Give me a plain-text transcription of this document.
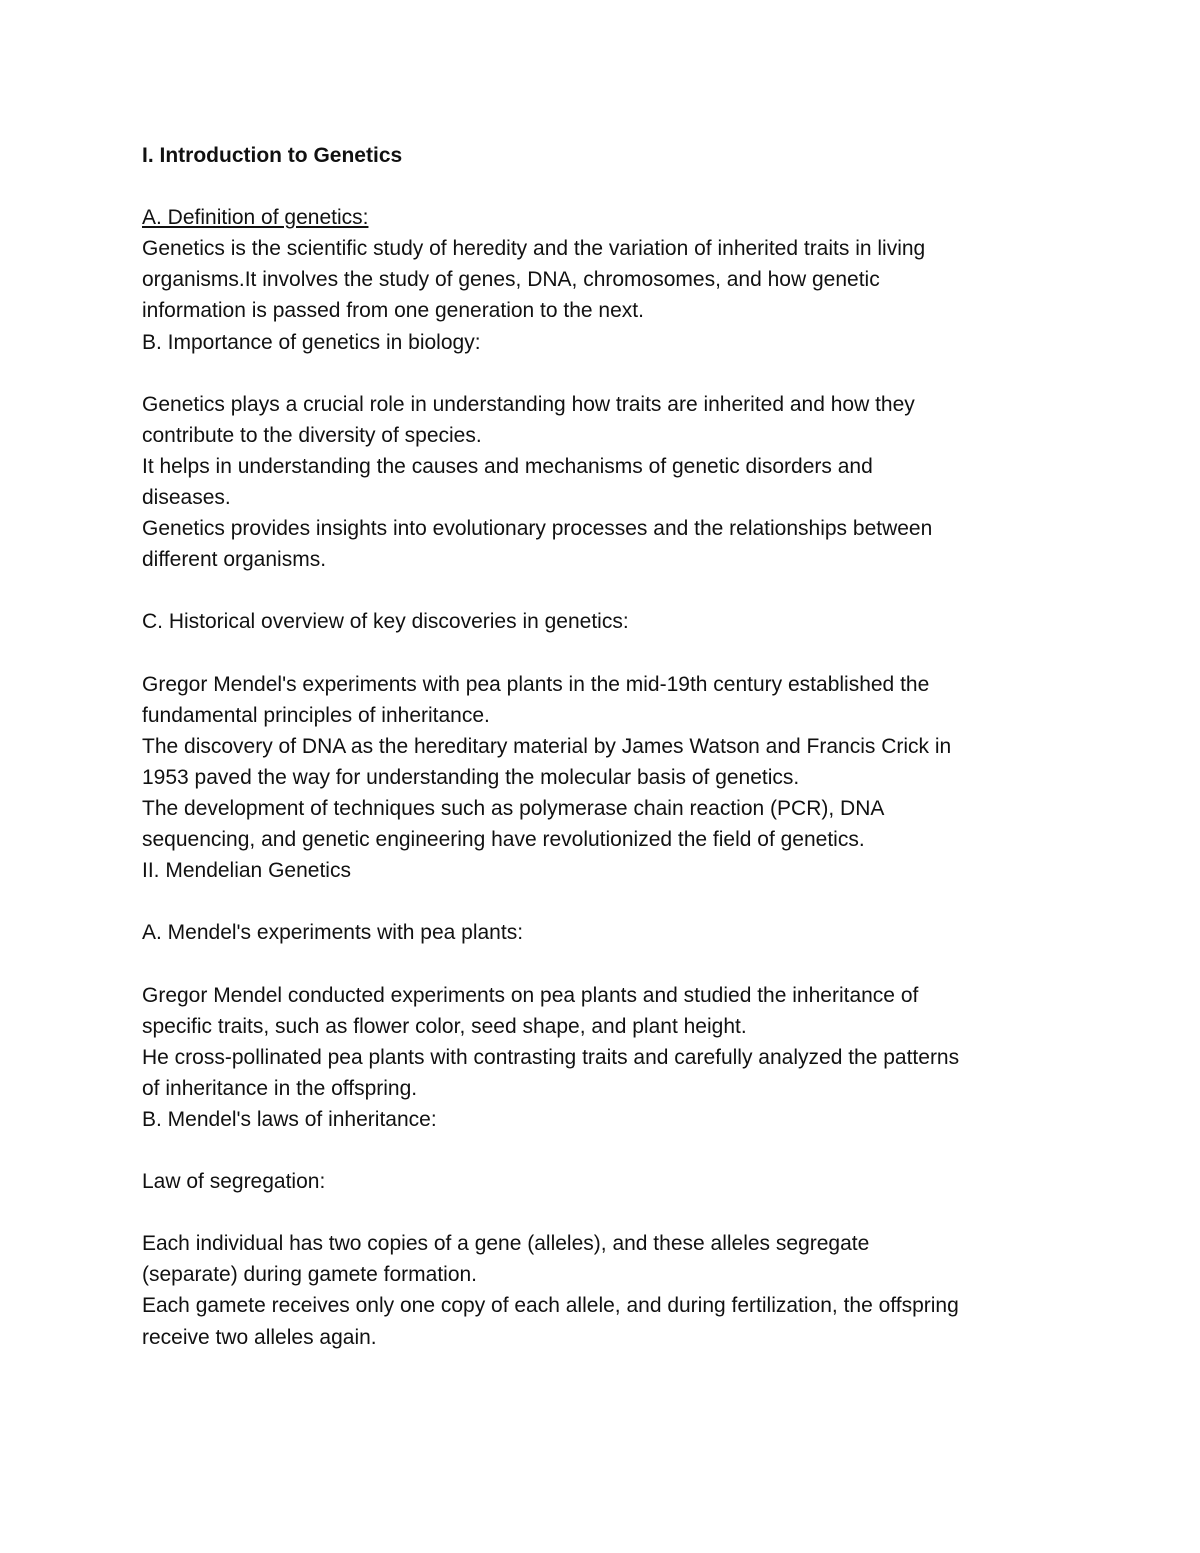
I. Introduction to Genetics
A. Definition of genetics:
Genetics is the scientific study of heredity and the variation of inherited traits in living
organisms.It involves the study of genes, DNA, chromosomes, and how genetic
information is passed from one generation to the next.
B. Importance of genetics in biology:
Genetics plays a crucial role in understanding how traits are inherited and how they
contribute to the diversity of species.
It helps in understanding the causes and mechanisms of genetic disorders and
diseases.
Genetics provides insights into evolutionary processes and the relationships between
different organisms.
C. Historical overview of key discoveries in genetics:
Gregor Mendel's experiments with pea plants in the mid-19th century established the
fundamental principles of inheritance.
The discovery of DNA as the hereditary material by James Watson and Francis Crick in
1953 paved the way for understanding the molecular basis of genetics.
The development of techniques such as polymerase chain reaction (PCR), DNA
sequencing, and genetic engineering have revolutionized the field of genetics.
II. Mendelian Genetics
A. Mendel's experiments with pea plants:
Gregor Mendel conducted experiments on pea plants and studied the inheritance of
specific traits, such as flower color, seed shape, and plant height.
He cross-pollinated pea plants with contrasting traits and carefully analyzed the patterns
of inheritance in the offspring.
B. Mendel's laws of inheritance:
Law of segregation:
Each individual has two copies of a gene (alleles), and these alleles segregate
(separate) during gamete formation.
Each gamete receives only one copy of each allele, and during fertilization, the offspring
receive two alleles again.
